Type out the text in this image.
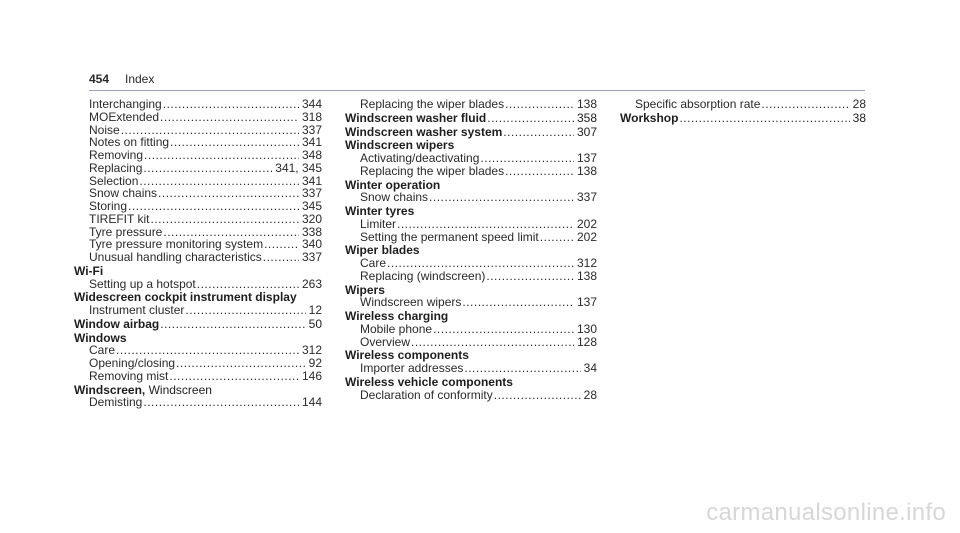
454 Index
Interchanging .....	344
MOExtended .....	318
Noise .....	337
Notes on fitting .....	341
Removing .....	348
Replacing .....	341, 345
Selection .....	341
Snow chains .....	337
Storing .....	345
TIREFIT kit .....	320
Tyre pressure .....	338
Tyre pressure monitoring system .....	340
Unusual handling characteristics .....	337
Wi-Fi
Setting up a hotspot .....	263
Widescreen cockpit instrument display
Instrument cluster .....	12
Window airbag .....	50
Windows
Care .....	312
Opening/closing .....	92
Removing mist .....	146
Windscreen, Windscreen
Demisting .....	144
Replacing the wiper blades .....	138
Windscreen washer fluid .....	358
Windscreen washer system .....	307
Windscreen wipers
Activating/deactivating .....	137
Replacing the wiper blades .....	138
Winter operation
Snow chains .....	337
Winter tyres
Limiter .....	202
Setting the permanent speed limit .....	202
Wiper blades
Care .....	312
Replacing (windscreen) .....	138
Wipers
Windscreen wipers .....	137
Wireless charging
Mobile phone .....	130
Overview .....	128
Wireless components
Importer addresses .....	34
Wireless vehicle components
Declaration of conformity .....	28
Specific absorption rate .....	28
Workshop .....	38
carmanualsonline.info
